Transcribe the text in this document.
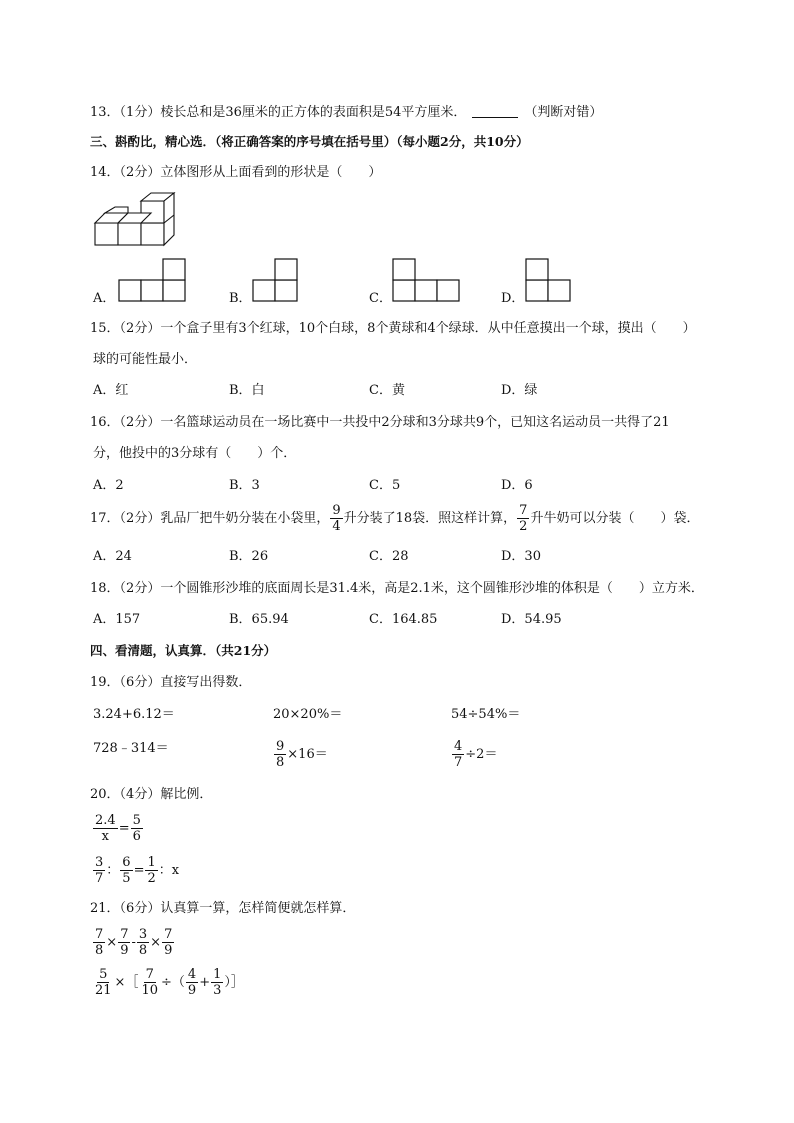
13．（1分）棱长总和是36厘米的正方体的表面积是54平方厘米．	（判断对错）
三、斟酌比，精心选．（将正确答案的序号填在括号里）（每小题2分，共10分）
14．（2分）立体图形从上面看到的形状是（　　）
A．	B．	C．	D．
15．（2分）一个盒子里有3个红球，10个白球，8个黄球和4个绿球．从中任意摸出一个球，摸出（　　）
球的可能性最小．
A．红	B．白	C．黄	D．绿
16．（2分）一名篮球运动员在一场比赛中一共投中2分球和3分球共9个，已知这名运动员一共得了21
分，他投中的3分球有（　　）个．
A．2	B．3	C．5	D．6
17．（2分）乳品厂把牛奶分装在小袋里， $\frac{9}{4}$ 升分装了18袋．照这样计算， $\frac{7}{2}$ 升牛奶可以分装（　　）袋．
A．24	B．26	C．28	D．30
18．（2分）一个圆锥形沙堆的底面周长是31.4米，高是2.1米，这个圆锥形沙堆的体积是（　　）立方米．
A．157	B．65.94	C．164.85	D．54.95
四、看清题，认真算．（共21分）
19．（6分）直接写出得数．
3.24+6.12＝	20×20%＝	54÷54%＝
728﹣314＝	$\frac{9}{8} \times 16=$	$\frac{4}{7} \div 2=$
20．（4分）解比例．
$\frac{2.4}{x} = \frac{5}{6}$
$\frac{3}{7}$ ： $\frac{6}{5} = \frac{1}{2}$ ：x
21．（6分）认真算一算，怎样简便就怎样算．
$\frac{7}{8} \times \frac{7}{9} - \frac{3}{8} \times \frac{7}{9}$
$\frac{5}{21}$ ×［ $\frac{7}{10}$ ÷（ $\frac{4}{9} + \frac{1}{3}$ ）］
